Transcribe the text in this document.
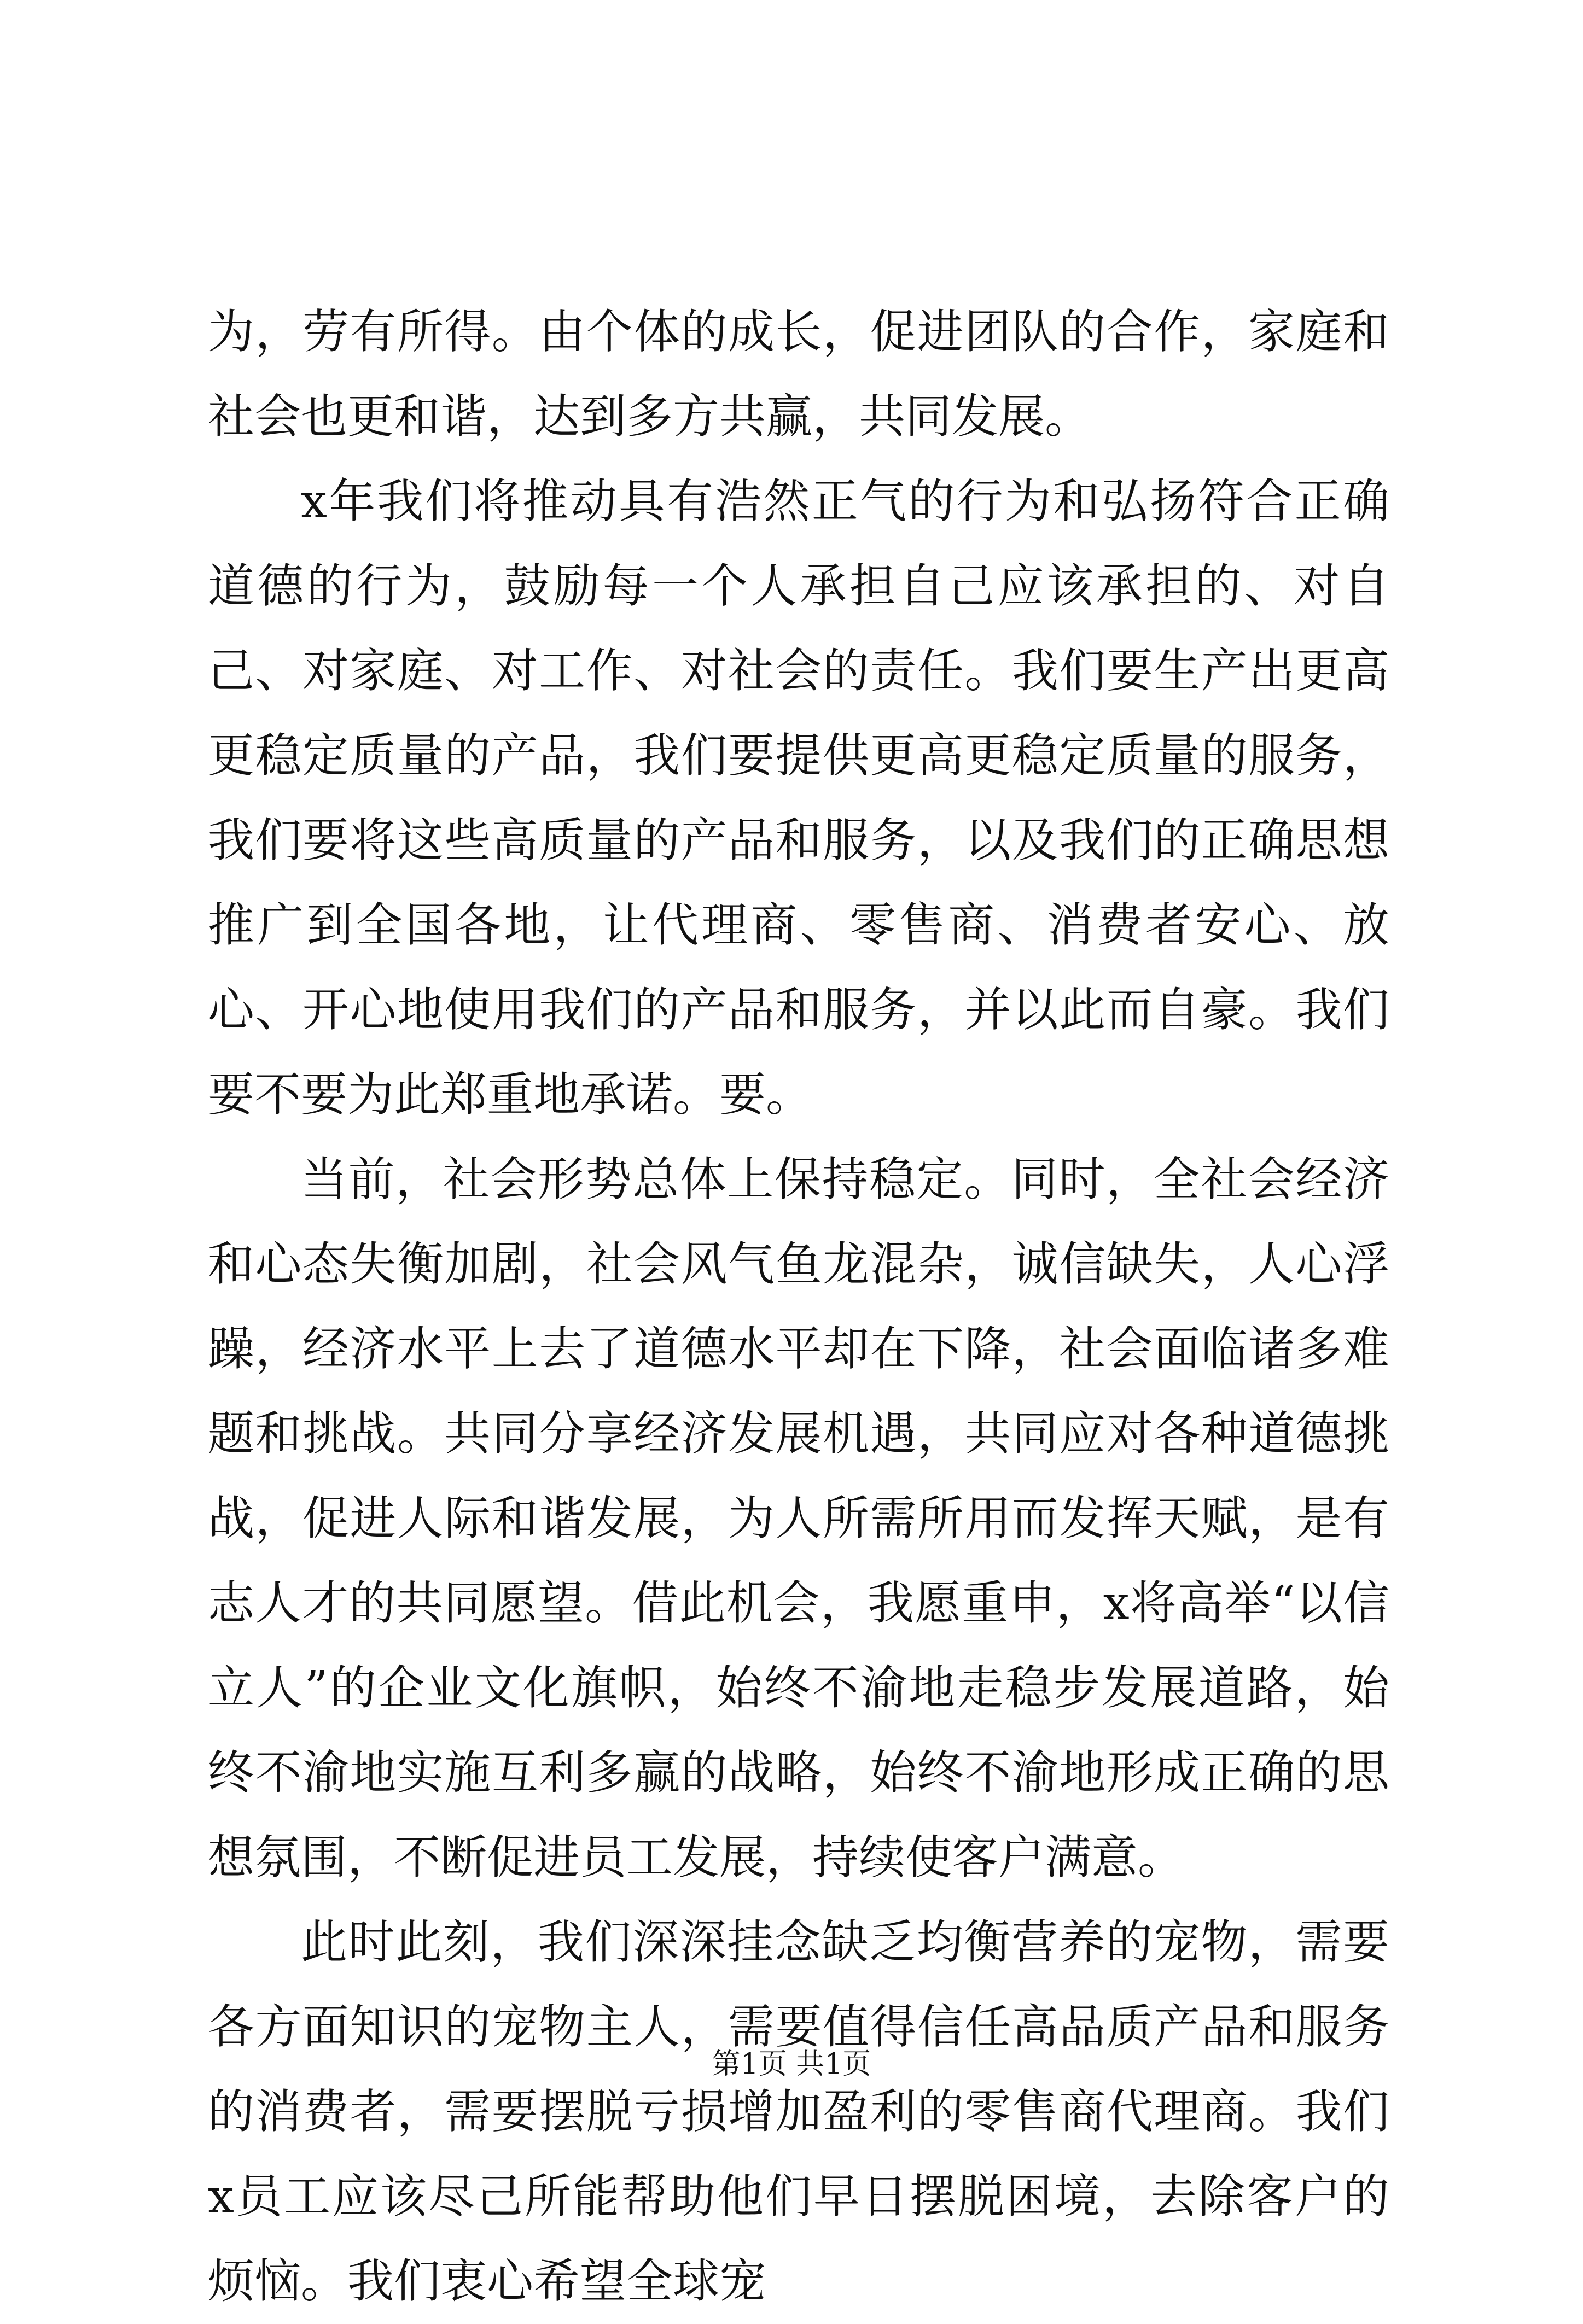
为，劳有所得。由个体的成长，促进团队的合作，家庭和社会也更和谐，达到多方共赢，共同发展。

x年我们将推动具有浩然正气的行为和弘扬符合正确道德的行为，鼓励每一个人承担自己应该承担的、对自己、对家庭、对工作、对社会的责任。我们要生产出更高更稳定质量的产品，我们要提供更高更稳定质量的服务，我们要将这些高质量的产品和服务，以及我们的正确思想推广到全国各地，让代理商、零售商、消费者安心、放心、开心地使用我们的产品和服务，并以此而自豪。我们要不要为此郑重地承诺。要。

当前，社会形势总体上保持稳定。同时，全社会经济和心态失衡加剧，社会风气鱼龙混杂，诚信缺失，人心浮躁，经济水平上去了道德水平却在下降，社会面临诸多难题和挑战。共同分享经济发展机遇，共同应对各种道德挑战，促进人际和谐发展，为人所需所用而发挥天赋，是有志人才的共同愿望。借此机会，我愿重申，x将高举“以信立人”的企业文化旗帜，始终不渝地走稳步发展道路，始终不渝地实施互利多赢的战略，始终不渝地形成正确的思想氛围，不断促进员工发展，持续使客户满意。

此时此刻，我们深深挂念缺乏均衡营养的宠物，需要各方面知识的宠物主人，需要值得信任高品质产品和服务的消费者，需要摆脱亏损增加盈利的零售商代理商。我们x员工应该尽己所能帮助他们早日摆脱困境，去除客户的烦恼。我们衷心希望全球宠

第1页 共1页
